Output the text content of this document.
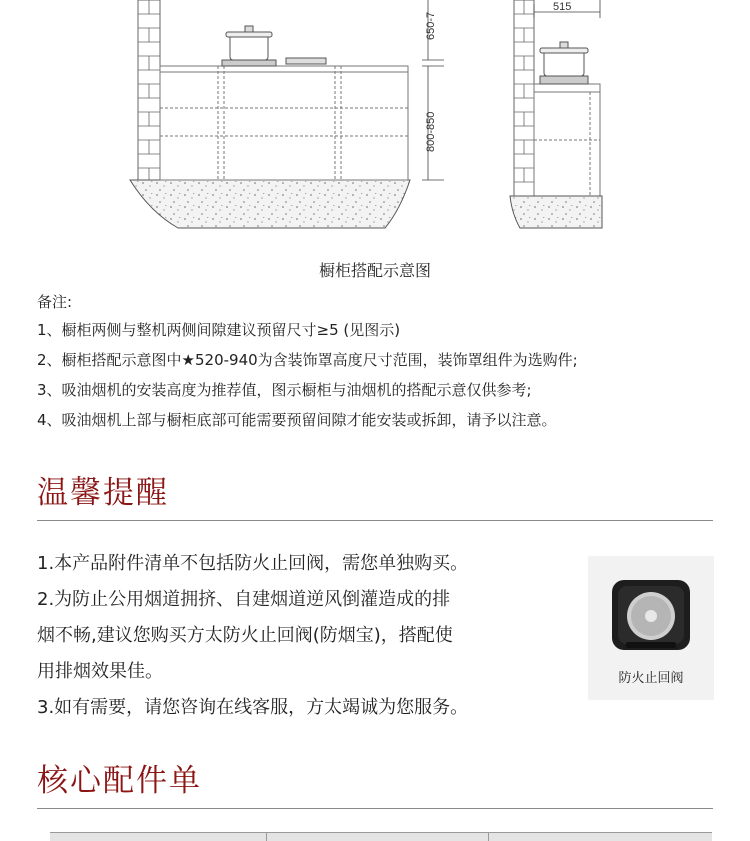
650-7
800-850
515
橱柜搭配示意图
备注:
1、橱柜两侧与整机两侧间隙建议预留尺寸≥5 (见图示)
2、橱柜搭配示意图中★520-940为含装饰罩高度尺寸范围，装饰罩组件为选购件;
3、吸油烟机的安装高度为推荐值，图示橱柜与油烟机的搭配示意仅供参考;
4、吸油烟机上部与橱柜底部可能需要预留间隙才能安装或拆卸，请予以注意。
温馨提醒
1.本产品附件清单不包括防火止回阀，需您单独购买。
2.为防止公用烟道拥挤、自建烟道逆风倒灌造成的排
烟不畅,建议您购买方太防火止回阀(防烟宝)，搭配使
用排烟效果佳。
3.如有需要，请您咨询在线客服，方太竭诚为您服务。
防火止回阀
核心配件单
